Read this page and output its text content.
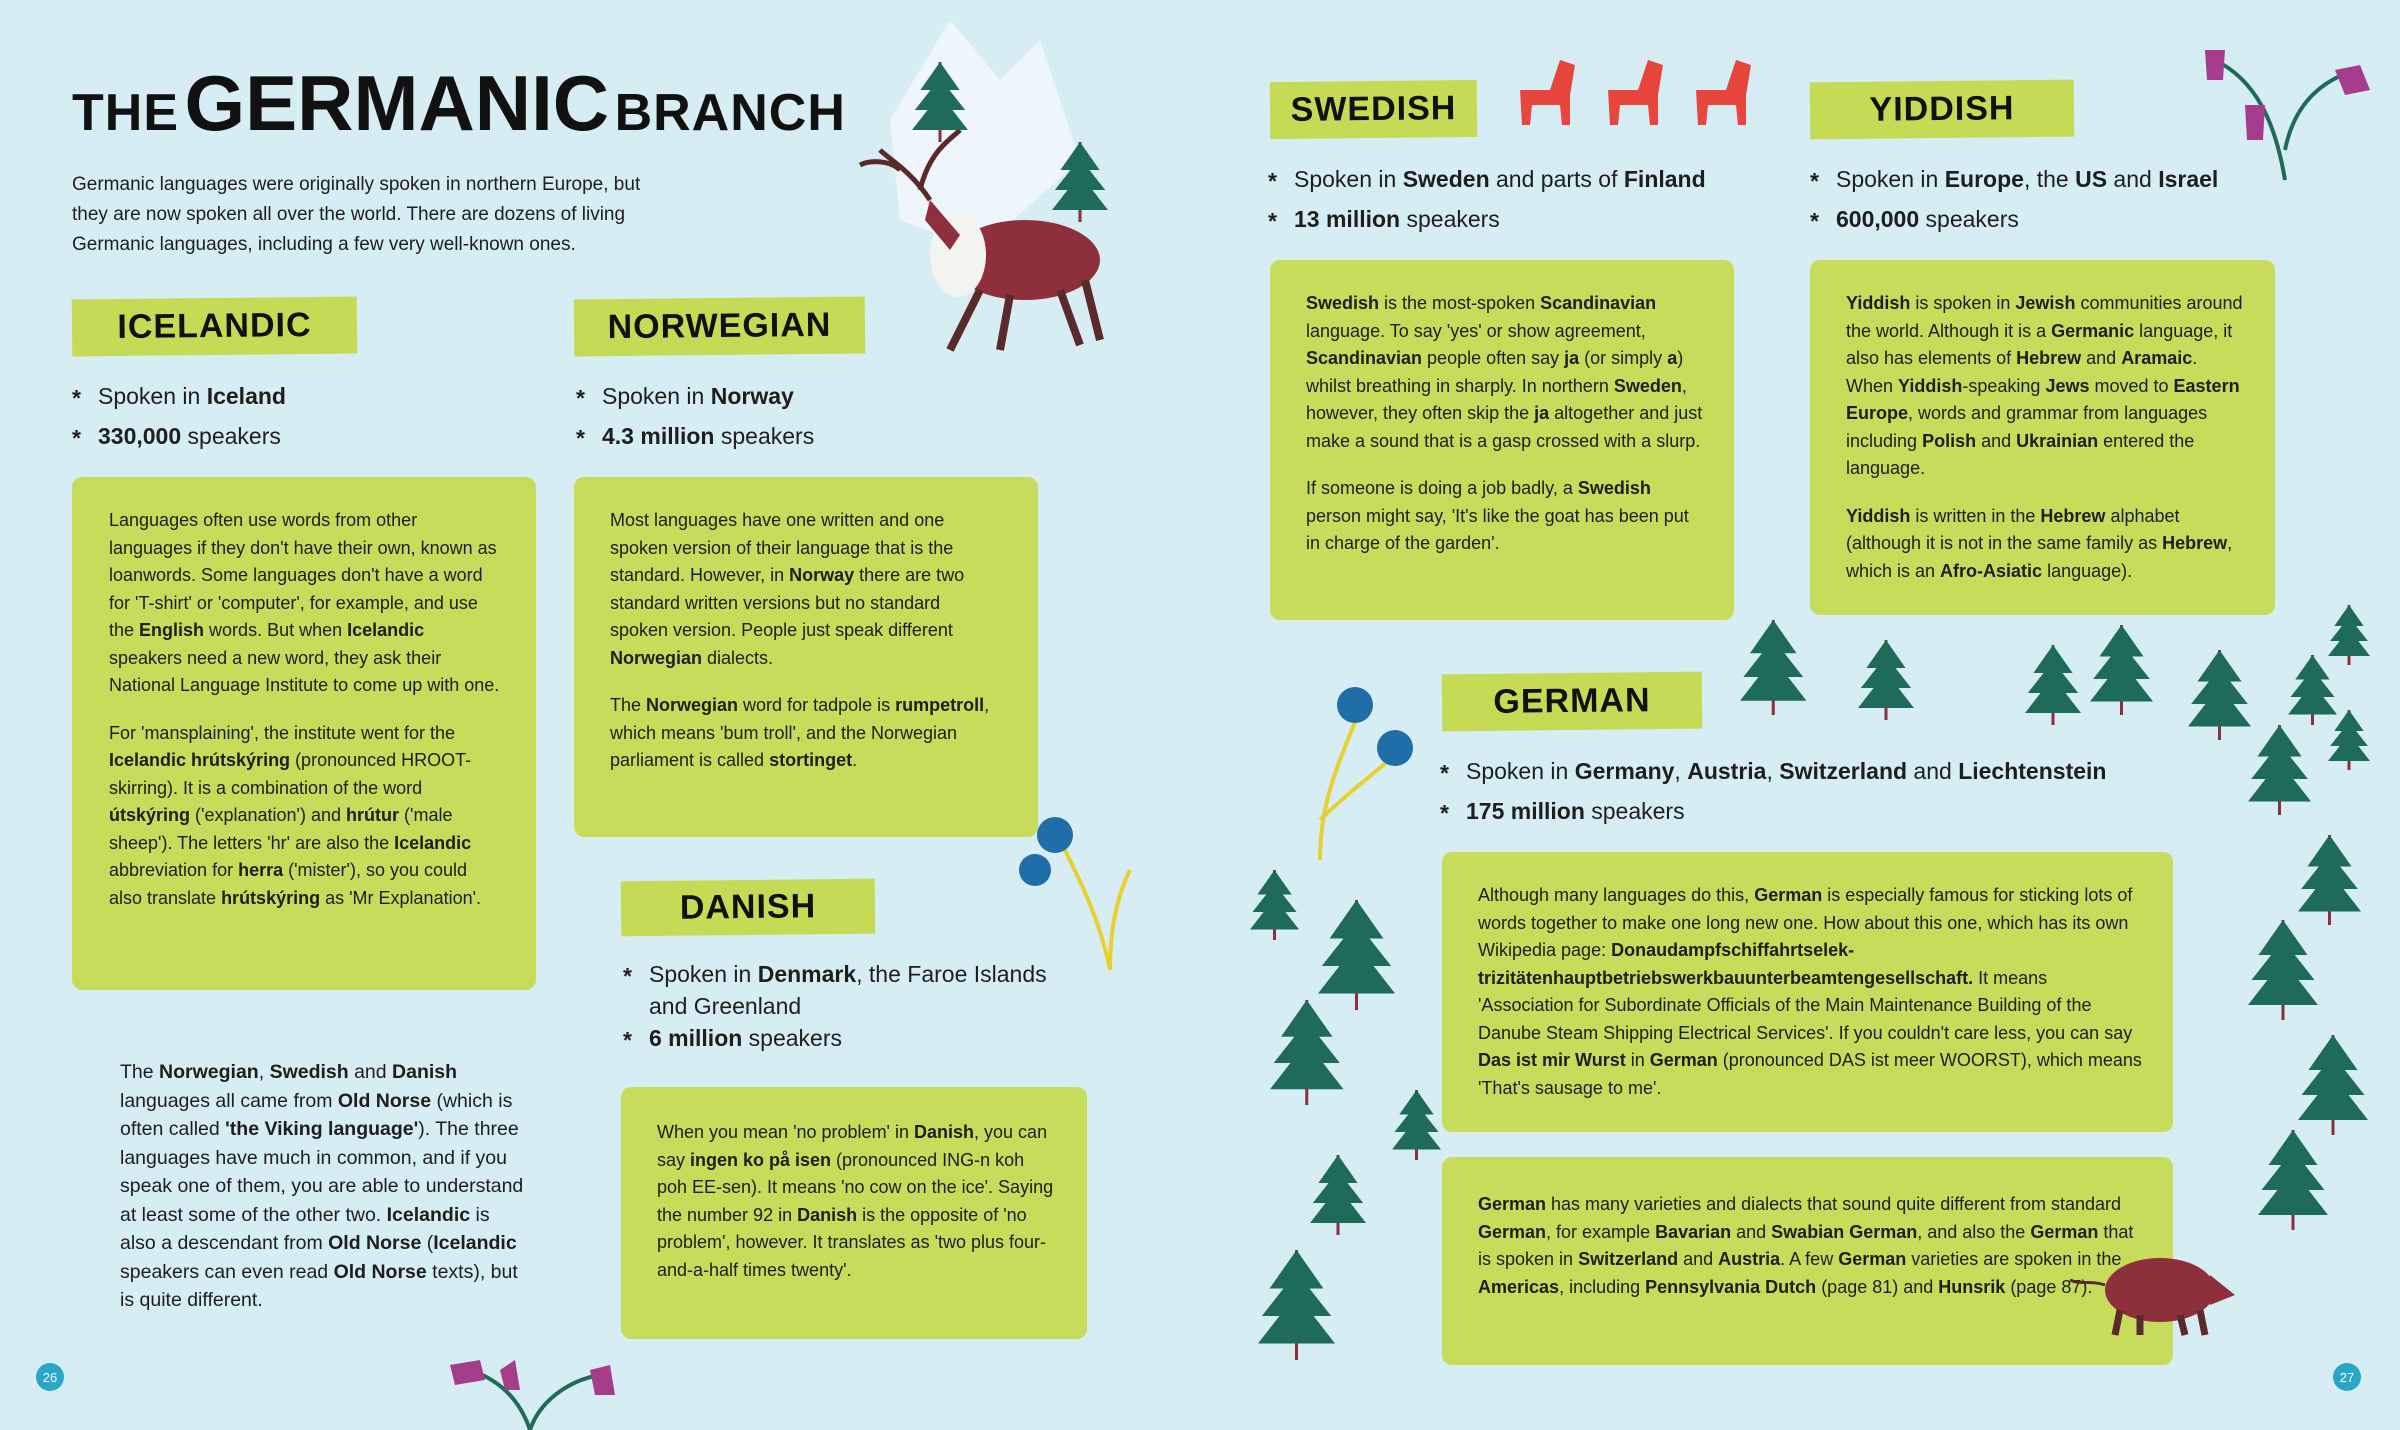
THE GERMANIC BRANCH
Germanic languages were originally spoken in northern Europe, but they are now spoken all over the world. There are dozens of living Germanic languages, including a few very well-known ones.
ICELANDIC
* Spoken in Iceland
* 330,000 speakers

Languages often use words from other languages if they don't have their own, known as loanwords. Some languages don't have a word for 'T-shirt' or 'computer', for example, and use the English words. But when Icelandic speakers need a new word, they ask their National Language Institute to come up with one.

For 'mansplaining', the institute went for the Icelandic hrútskýring (pronounced HROOT-skirring). It is a combination of the word útskýring ('explanation') and hrútur ('male sheep'). The letters 'hr' are also the Icelandic abbreviation for herra ('mister'), so you could also translate hrútskýring as 'Mr Explanation'.

The Norwegian, Swedish and Danish languages all came from Old Norse (which is often called 'the Viking language'). The three languages have much in common, and if you speak one of them, you are able to understand at least some of the other two. Icelandic is also a descendant from Old Norse (Icelandic speakers can even read Old Norse texts), but is quite different.
NORWEGIAN
* Spoken in Norway
* 4.3 million speakers

Most languages have one written and one spoken version of their language that is the standard. However, in Norway there are two standard written versions but no standard spoken version. People just speak different Norwegian dialects.

The Norwegian word for tadpole is rumpetroll, which means 'bum troll', and the Norwegian parliament is called stortinget.

DANISH
* Spoken in Denmark, the Faroe Islands and Greenland
* 6 million speakers

When you mean 'no problem' in Danish, you can say ingen ko på isen (pronounced ING-n koh poh EE-sen). It means 'no cow on the ice'. Saying the number 92 in Danish is the opposite of 'no problem', however. It translates as 'two plus four-and-a-half times twenty'.

SWEDISH
* Spoken in Sweden and parts of Finland
* 13 million speakers

Swedish is the most-spoken Scandinavian language. To say 'yes' or show agreement, Scandinavian people often say ja (or simply a) whilst breathing in sharply. In northern Sweden, however, they often skip the ja altogether and just make a sound that is a gasp crossed with a slurp.

If someone is doing a job badly, a Swedish person might say, 'It's like the goat has been put in charge of the garden'.

YIDDISH
* Spoken in Europe, the US and Israel
* 600,000 speakers

Yiddish is spoken in Jewish communities around the world. Although it is a Germanic language, it also has elements of Hebrew and Aramaic. When Yiddish-speaking Jews moved to Eastern Europe, words and grammar from languages including Polish and Ukrainian entered the language.

Yiddish is written in the Hebrew alphabet (although it is not in the same family as Hebrew, which is an Afro-Asiatic language).

GERMAN
* Spoken in Germany, Austria, Switzerland and Liechtenstein
* 175 million speakers

Although many languages do this, German is especially famous for sticking lots of words together to make one long new one. How about this one, which has its own Wikipedia page: Donaudampfschiffahrtselek-trizitätenhauptbetriebswerkbauunterbeamtengesellschaft. It means 'Association for Subordinate Officials of the Main Maintenance Building of the Danube Steam Shipping Electrical Services'. If you couldn't care less, you can say Das ist mir Wurst in German (pronounced DAS ist meer WOORST), which means 'That's sausage to me'.

German has many varieties and dialects that sound quite different from standard German, for example Bavarian and Swabian German, and also the German that is spoken in Switzerland and Austria. A few German varieties are spoken in the Americas, including Pennsylvania Dutch (page 81) and Hunsrik (page 87).

26	27
